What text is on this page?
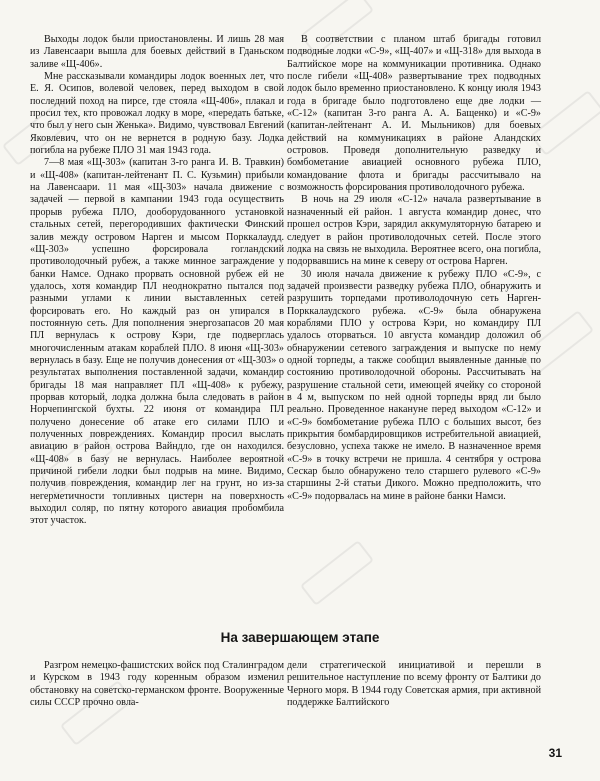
Выходы лодок были приостановлены. И лишь 28 мая из Лавенсаари вышла для боевых действий в Гданьском заливе «Щ-406».

Мне рассказывали командиры лодок военных лет, что Е. Я. Осипов, волевой человек, перед выходом в свой последний поход на пирсе, где стояла «Щ-406», плакал и просил тех, кто провожал лодку в море, «передать батьке, что был у него сын Женька». Видимо, чувствовал Евгений Яковлевич, что он не вернется в родную базу. Лодка погибла на рубеже ПЛО 31 мая 1943 года.

7—8 мая «Щ-303» (капитан 3-го ранга И. В. Травкин) и «Щ-408» (капитан-лейтенант П. С. Кузьмин) прибыли на Лавенсаари. 11 мая «Щ-303» начала движение с задачей — первой в кампании 1943 года осуществить прорыв рубежа ПЛО, дооборудованного установкой стальных сетей, перегородивших фактически Финский залив между островом Нарген и мысом Порккалаудд. «Щ-303» успешно форсировала гогландский противолодочный рубеж, а также минное заграждение у банки Намсе. Однако прорвать основной рубеж ей не удалось, хотя командир ПЛ неоднократно пытался под разными углами к линии выставленных сетей форсировать его. Но каждый раз он упирался в постоянную сеть. Для пополнения энергозапасов 20 мая ПЛ вернулась к острову Кэри, где подверглась многочисленным атакам кораблей ПЛО. 8 июня «Щ-303» вернулась в базу. Еще не получив донесения от «Щ-303» о результатах выполнения поставленной задачи, командир бригады 18 мая направляет ПЛ «Щ-408» к рубежу, прорвав который, лодка должна была следовать в район Норчепингской бухты. 22 июня от командира ПЛ получено донесение об атаке его силами ПЛО и полученных повреждениях. Командир просил выслать авиацию в район острова Вайндло, где он находился. «Щ-408» в базу не вернулась. Наиболее вероятной причиной гибели лодки был подрыв на мине. Видимо, получив повреждения, командир лег на грунт, но из-за негерметичности топливных цистерн на поверхность выходил соляр, по пятну которого авиация пробомбила этот участок.

В соответствии с планом штаб бригады готовил подводные лодки «С-9», «Щ-407» и «Щ-318» для выхода в Балтийское море на коммуникации противника. Однако после гибели «Щ-408» развертывание трех подводных лодок было временно приостановлено. К концу июля 1943 года в бригаде было подготовлено еще две лодки — «С-12» (капитан 3-го ранга А. А. Бащенко) и «С-9» (капитан-лейтенант А. И. Мыльников) для боевых действий на коммуникациях в районе Аландских островов. Проведя дополнительную разведку и бомбометание авиацией основного рубежа ПЛО, командование флота и бригады рассчитывало на возможность форсирования противолодочного рубежа.

В ночь на 29 июля «С-12» начала развертывание в назначенный ей район. 1 августа командир донес, что прошел остров Кэри, зарядил аккумуляторную батарею и следует в район противолодочных сетей. После этого лодка на связь не выходила. Вероятнее всего, она погибла, подорвавшись на мине к северу от острова Нарген.

30 июля начала движение к рубежу ПЛО «С-9», с задачей произвести разведку рубежа ПЛО, обнаружить и разрушить торпедами противолодочную сеть Нарген-Порккалаудского рубежа. «С-9» была обнаружена кораблями ПЛО у острова Кэри, но командиру ПЛ удалось оторваться. 10 августа командир доложил об обнаружении сетевого заграждения и выпуске по нему одной торпеды, а также сообщил выявленные данные по состоянию противолодочной обороны. Рассчитывать на разрушение стальной сети, имеющей ячейку со стороной в 4 м, выпуском по ней одной торпеды вряд ли было реально. Проведенное накануне перед выходом «С-12» и «С-9» бомбометание рубежа ПЛО с больших высот, без прикрытия бомбардировщиков истребительной авиацией, безусловно, успеха также не имело. В назначенное время «С-9» в точку встречи не пришла. 4 сентября у острова Сескар было обнаружено тело старшего рулевого «С-9» старшины 2-й статьи Дикого. Можно предположить, что «С-9» подорвалась на мине в районе банки Намси.

На завершающем этапе

Разгром немецко-фашистских войск под Сталинградом и Курском в 1943 году коренным образом изменил обстановку на советско-германском фронте. Вооруженные силы СССР прочно овла-

дели стратегической инициативой и перешли в решительное наступление по всему фронту от Балтики до Черного моря. В 1944 году Советская армия, при активной поддержке Балтийского

31
